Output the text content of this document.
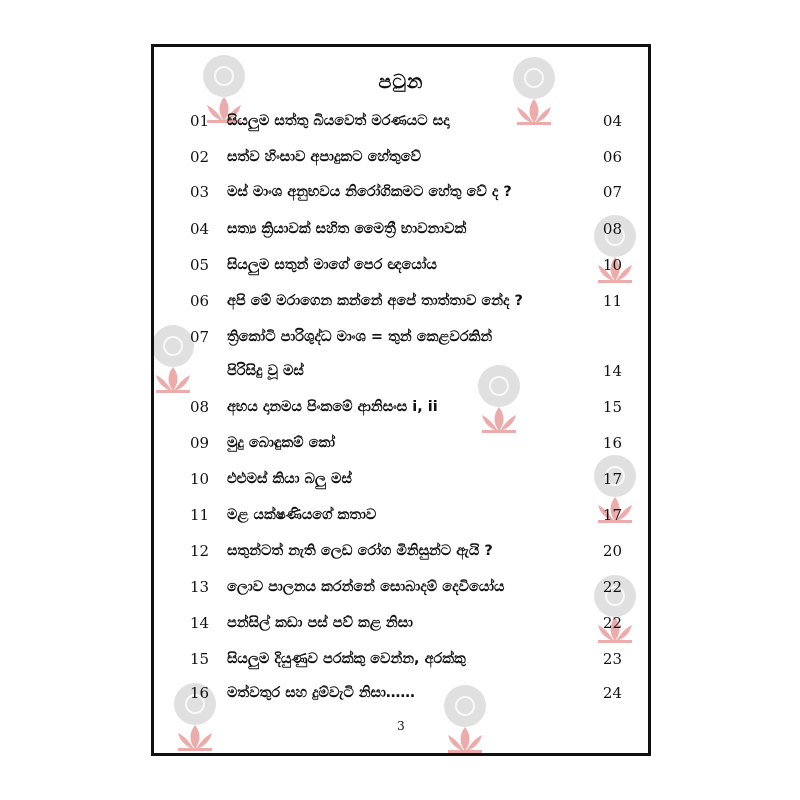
පටුන
01	සියලුම සත්තු බියවෙත් මරණයට සදා	04
02	සත්ව හිංසාව අපාදුකට හේතුවේ	06
03	මස් මාංශ අනුභවය නිරෝගිකමට හේතු වේ ද ?	07
04	සත්‍ය ක්‍රියාවක් සහිත මෛත්‍රී භාවනාවක්	08
05	සියලුම සතුන් මාගේ පෙර ඥයෝය	10
06	අපි මේ මරාගෙන කන්නේ අපේ තාත්තාව නේද ?	11
07	ත්‍රිකෝටි පාරිශුද්ධ මාංශ = තුන් කෙළවරකින්
පිරිසිදු වූ මස්	14
08	අභය දානමය පිංකමේ ආනිසංස i, ii	15
09	මුදු බොඳුකම් කෝ	16
10	එළුමස් කියා බලු මස්	17
11	මළ යක්ෂණියගේ කතාව	17
12	සතුන්ටත් නැති ලෙඩ රෝග මිනිසුන්ට ඇයි ?	20
13	ලොව පාලනය කරන්නේ සොබාදම් දෙවියෝය	22
14	පන්සිල් කඩා පස් පව් කළ නිසා	22
15	සියලුම දියුණුව පරක්කු වෙන්න, අරක්කු	23
16	මත්වතුර සහ දුම්වැටි නිසා……	24
3
